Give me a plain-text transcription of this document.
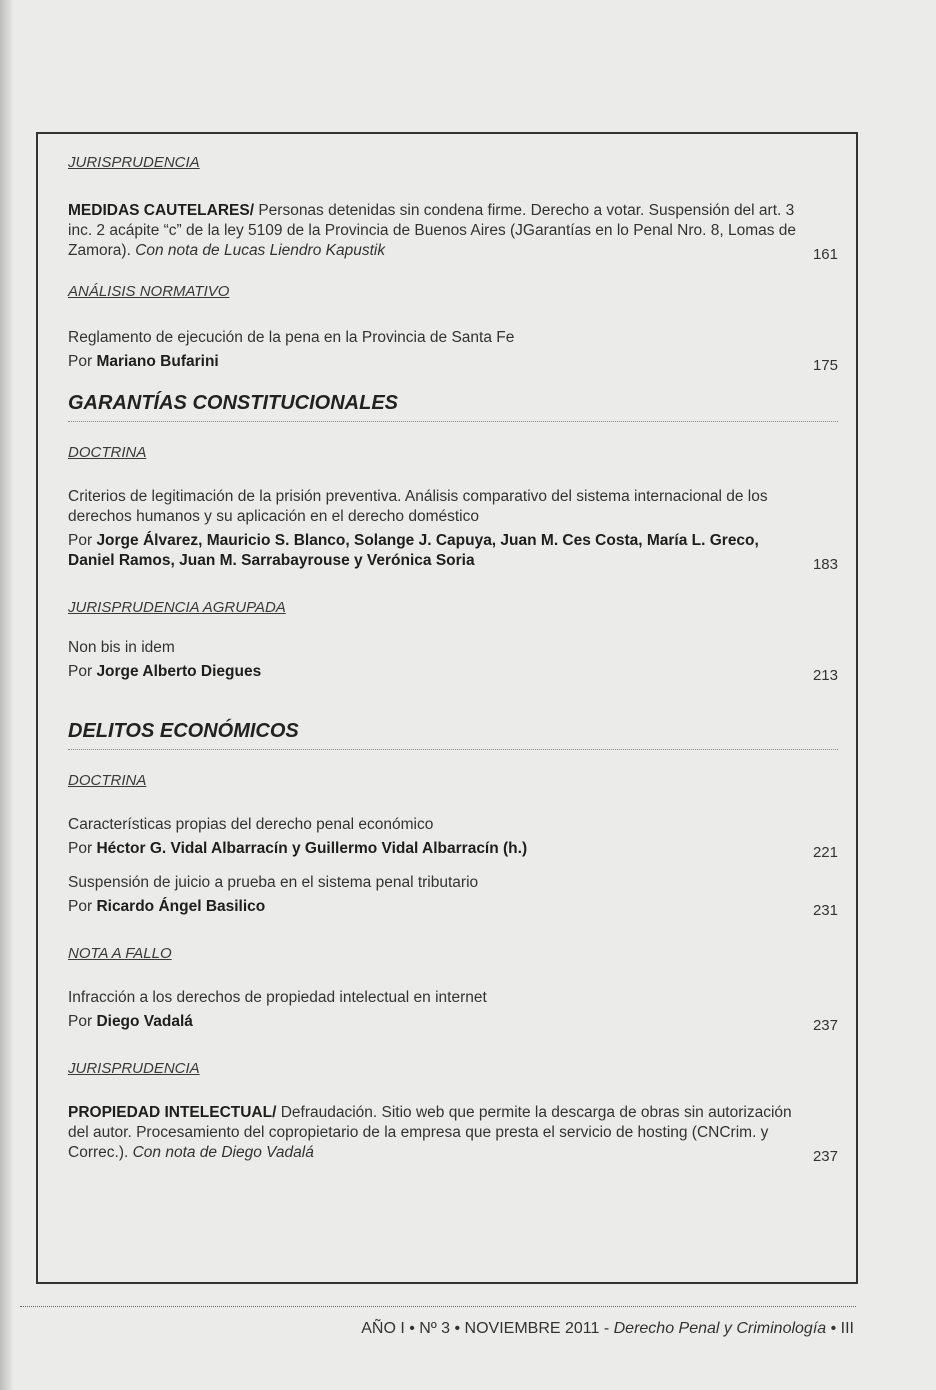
JURISPRUDENCIA

MEDIDAS CAUTELARES/ Personas detenidas sin condena firme. Derecho a votar. Suspensión del art. 3 inc. 2 acápite “c” de la ley 5109 de la Provincia de Buenos Aires (JGarantías en lo Penal Nro. 8, Lomas de Zamora). Con nota de Lucas Liendro Kapustik	161

ANÁLISIS NORMATIVO

Reglamento de ejecución de la pena en la Provincia de Santa Fe

Por Mariano Bufarini	175
GARANTÍAS CONSTITUCIONALES

DOCTRINA

Criterios de legitimación de la prisión preventiva. Análisis comparativo del sistema internacional de los derechos humanos y su aplicación en el derecho doméstico

Por Jorge Álvarez, Mauricio S. Blanco, Solange J. Capuya, Juan M. Ces Costa, María L. Greco, Daniel Ramos, Juan M. Sarrabayrouse y Verónica Soria	183

JURISPRUDENCIA AGRUPADA

Non bis in idem

Por Jorge Alberto Diegues	213
DELITOS ECONÓMICOS

DOCTRINA

Características propias del derecho penal económico

Por Héctor G. Vidal Albarracín y Guillermo Vidal Albarracín (h.)	221

Suspensión de juicio a prueba en el sistema penal tributario

Por Ricardo Ángel Basilico	231

NOTA A FALLO

Infracción a los derechos de propiedad intelectual en internet

Por Diego Vadalá	237

JURISPRUDENCIA

PROPIEDAD INTELECTUAL/ Defraudación. Sitio web que permite la descarga de obras sin autorización del autor. Procesamiento del copropietario de la empresa que presta el servicio de hosting (CNCrim. y Correc.). Con nota de Diego Vadalá	237
AÑO I • Nº 3 • NOVIEMBRE 2011 - Derecho Penal y Criminología • III
